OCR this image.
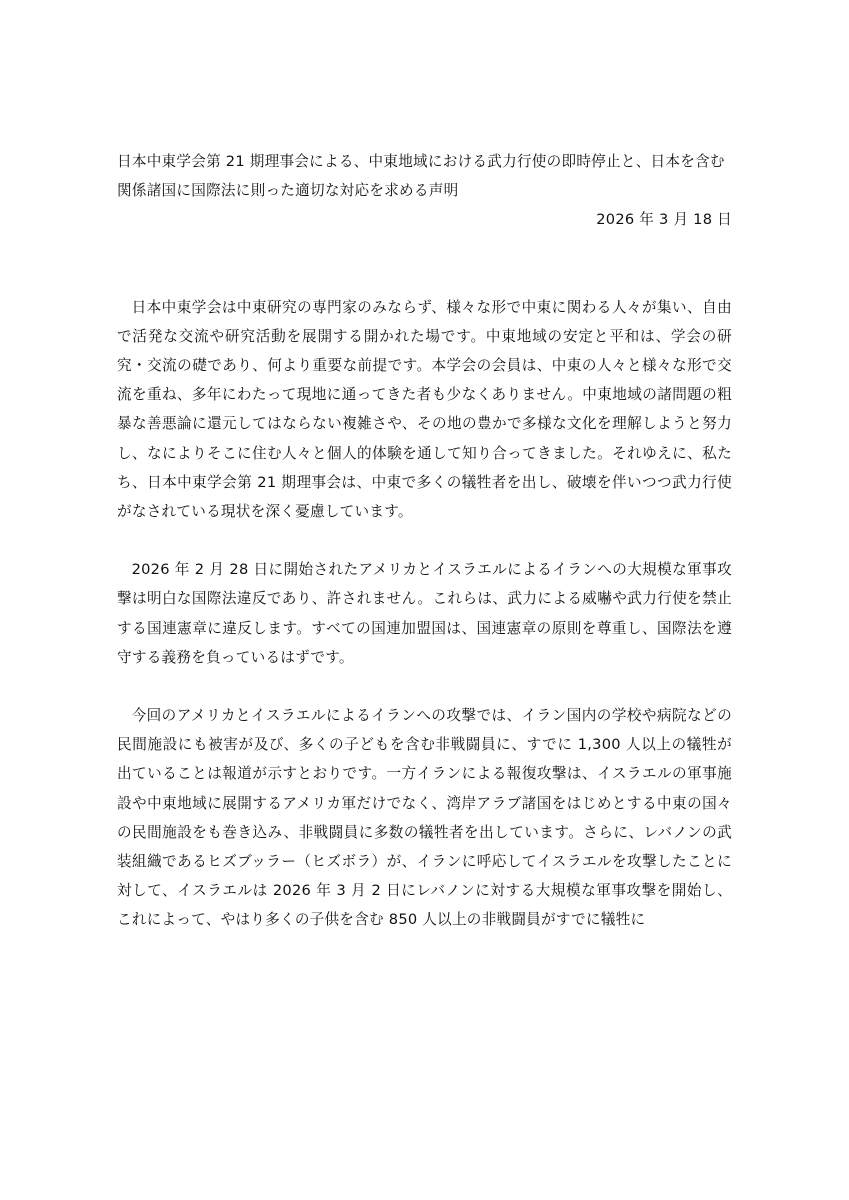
日本中東学会第 21 期理事会による、中東地域における武力行使の即時停止と、日本を含む関係諸国に国際法に則った適切な対応を求める声明

2026 年 3 月 18 日

日本中東学会は中東研究の専門家のみならず、様々な形で中東に関わる人々が集い、自由で活発な交流や研究活動を展開する開かれた場です。中東地域の安定と平和は、学会の研究・交流の礎であり、何より重要な前提です。本学会の会員は、中東の人々と様々な形で交流を重ね、多年にわたって現地に通ってきた者も少なくありません。中東地域の諸問題の粗暴な善悪論に還元してはならない複雑さや、その地の豊かで多様な文化を理解しようと努力し、なによりそこに住む人々と個人的体験を通して知り合ってきました。それゆえに、私たち、日本中東学会第 21 期理事会は、中東で多くの犠牲者を出し、破壊を伴いつつ武力行使がなされている現状を深く憂慮しています。

2026 年 2 月 28 日に開始されたアメリカとイスラエルによるイランへの大規模な軍事攻撃は明白な国際法違反であり、許されません。これらは、武力による威嚇や武力行使を禁止する国連憲章に違反します。すべての国連加盟国は、国連憲章の原則を尊重し、国際法を遵守する義務を負っているはずです。

今回のアメリカとイスラエルによるイランへの攻撃では、イラン国内の学校や病院などの民間施設にも被害が及び、多くの子どもを含む非戦闘員に、すでに 1,300 人以上の犠牲が出ていることは報道が示すとおりです。一方イランによる報復攻撃は、イスラエルの軍事施設や中東地域に展開するアメリカ軍だけでなく、湾岸アラブ諸国をはじめとする中東の国々の民間施設をも巻き込み、非戦闘員に多数の犠牲者を出しています。さらに、レバノンの武装組織であるヒズブッラー（ヒズボラ）が、イランに呼応してイスラエルを攻撃したことに対して、イスラエルは 2026 年 3 月 2 日にレバノンに対する大規模な軍事攻撃を開始し、これによって、やはり多くの子供を含む 850 人以上の非戦闘員がすでに犠牲に
